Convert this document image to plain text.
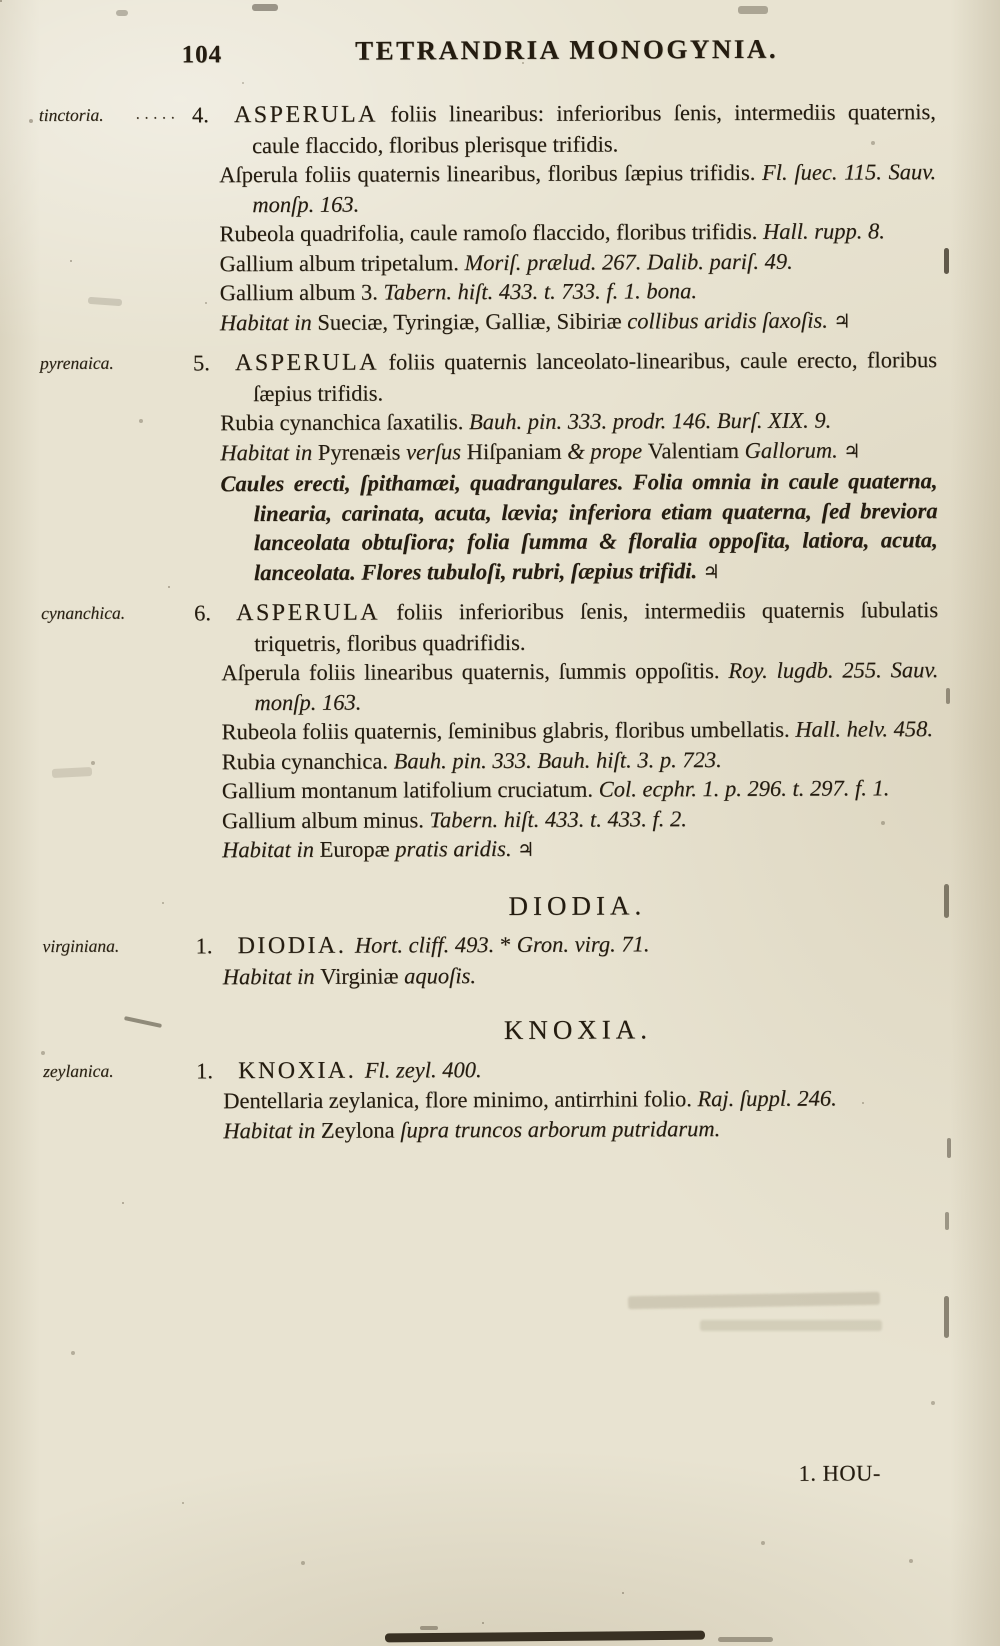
104	TETRANDRIA MONOGYNIA.
tinctoria.	..... 4. ASPERULA foliis linearibus: inferioribus ſenis, intermediis quaternis, caule flaccido, floribus plerisque trifidis.

Aſperula foliis quaternis linearibus, floribus ſæpius trifidis. Fl. ſuec. 115. Sauv. monſp. 163.

Rubeola quadrifolia, caule ramoſo flaccido, floribus trifidis. Hall. rupp. 8.

Gallium album tripetalum. Moriſ. prælud. 267. Dalib. pariſ. 49.

Gallium album 3. Tabern. hiſt. 433. t. 733. f. 1. bona.

Habitat in Sueciæ, Tyringiæ, Galliæ, Sibiriæ collibus aridis ſaxoſis. ♃

pyrenaica.	5. ASPERULA foliis quaternis lanceolato-linearibus, caule erecto, floribus ſæpius trifidis.

Rubia cynanchica ſaxatilis. Bauh. pin. 333. prodr. 146. Burſ. XIX. 9.

Habitat in Pyrenæis verſus Hiſpaniam & prope Valentiam Gallorum. ♃

Caules erecti, ſpithamæi, quadrangulares. Folia omnia in caule quaterna, linearia, carinata, acuta, lævia; inferiora etiam quaterna, ſed breviora lanceolata obtuſiora; folia ſumma & floralia oppoſita, latiora, acuta, lanceolata. Flores tubuloſi, rubri, ſæpius trifidi. ♃

cynanchica.	6. ASPERULA foliis inferioribus ſenis, intermediis quaternis ſubulatis triquetris, floribus quadrifidis.

Aſperula foliis linearibus quaternis, ſummis oppoſitis. Roy. lugdb. 255. Sauv. monſp. 163.

Rubeola foliis quaternis, ſeminibus glabris, floribus umbellatis. Hall. helv. 458.

Rubia cynanchica. Bauh. pin. 333. Bauh. hiſt. 3. p. 723.

Gallium montanum latifolium cruciatum. Col. ecphr. 1. p. 296. t. 297. f. 1.

Gallium album minus. Tabern. hiſt. 433. t. 433. f. 2.

Habitat in Europæ pratis aridis. ♃

DIODIA.
virginiana.	1. DIODIA. Hort. cliff. 493. * Gron. virg. 71.

Habitat in Virginiæ aquoſis.

KNOXIA.
zeylanica.	1. KNOXIA. Fl. zeyl. 400.

Dentellaria zeylanica, flore minimo, antirrhini folio. Raj. ſuppl. 246.

Habitat in Zeylona ſupra truncos arborum putridarum.

1. HOU-
